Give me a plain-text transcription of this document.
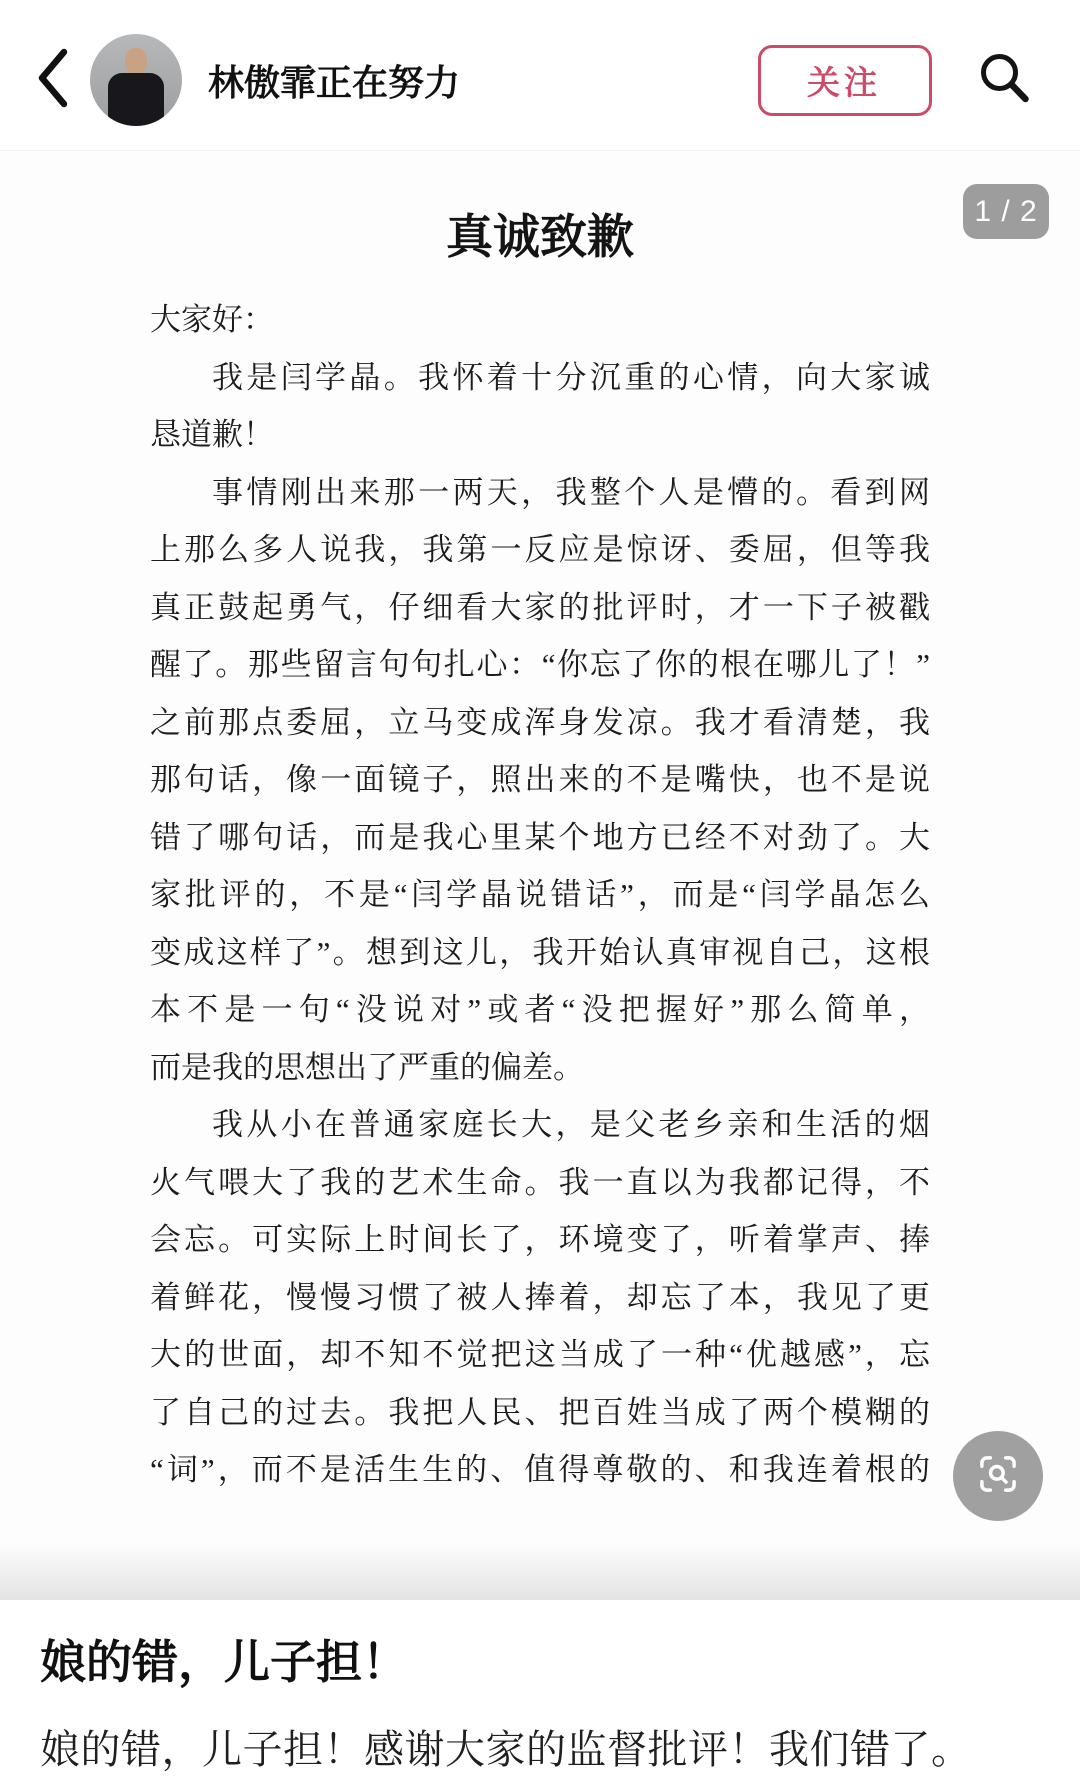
林傲霏正在努力	关注
1 / 2
真诚致歉
大家好：
我是闫学晶。我怀着十分沉重的心情，向大家诚
恳道歉！
事情刚出来那一两天，我整个人是懵的。看到网
上那么多人说我，我第一反应是惊讶、委屈，但等我
真正鼓起勇气，仔细看大家的批评时，才一下子被戳
醒了。那些留言句句扎心：“你忘了你的根在哪儿了！”
之前那点委屈，立马变成浑身发凉。我才看清楚，我
那句话，像一面镜子，照出来的不是嘴快，也不是说
错了哪句话，而是我心里某个地方已经不对劲了。大
家批评的，不是“闫学晶说错话”，而是“闫学晶怎么
变成这样了”。想到这儿，我开始认真审视自己，这根
本不是一句“没说对”或者“没把握好”那么简单，
而是我的思想出了严重的偏差。
我从小在普通家庭长大，是父老乡亲和生活的烟
火气喂大了我的艺术生命。我一直以为我都记得，不
会忘。可实际上时间长了，环境变了，听着掌声、捧
着鲜花，慢慢习惯了被人捧着，却忘了本，我见了更
大的世面，却不知不觉把这当成了一种“优越感”，忘
了自己的过去。我把人民、把百姓当成了两个模糊的
“词”，而不是活生生的、值得尊敬的、和我连着根的
娘的错，儿子担！

娘的错，儿子担！感谢大家的监督批评！我们错了。
